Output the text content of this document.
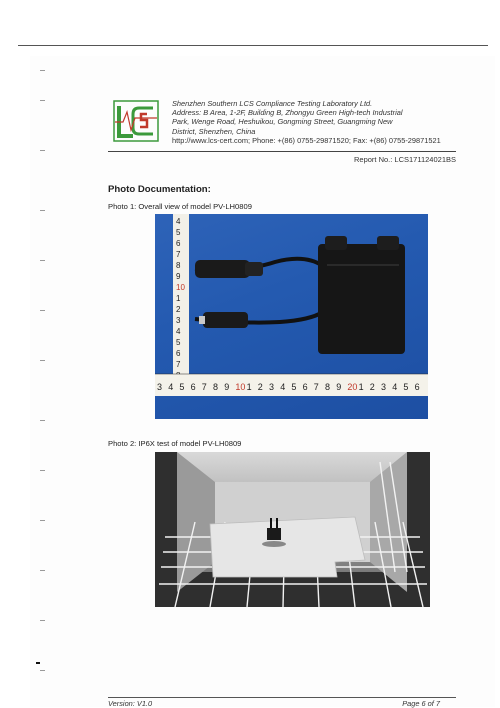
Shenzhen Southern LCS Compliance Testing Laboratory Ltd.
Address: B Area, 1-2F, Building B, Zhongyu Green High-tech Industrial
Park, Wenge Road, Heshuikou, Gongming Street, Guangming New
District, Shenzhen, China
http://www.lcs-cert.com; Phone: +(86) 0755-29871520; Fax: +(86) 0755-29871521
Report No.: LCS171124021BS
Photo Documentation:
Photo 1: Overall view of model PV-LH0809
4
5
6
7
8
9
10
1
2
3
4
5
6
7
3 4 5 6 7 8 9 10 1 2 3 4 5 6 7 8 9 20 1 2 3 4 5 6
Photo 2: IP6X test of model PV-LH0809
Version: V1.0	Page 6 of 7
